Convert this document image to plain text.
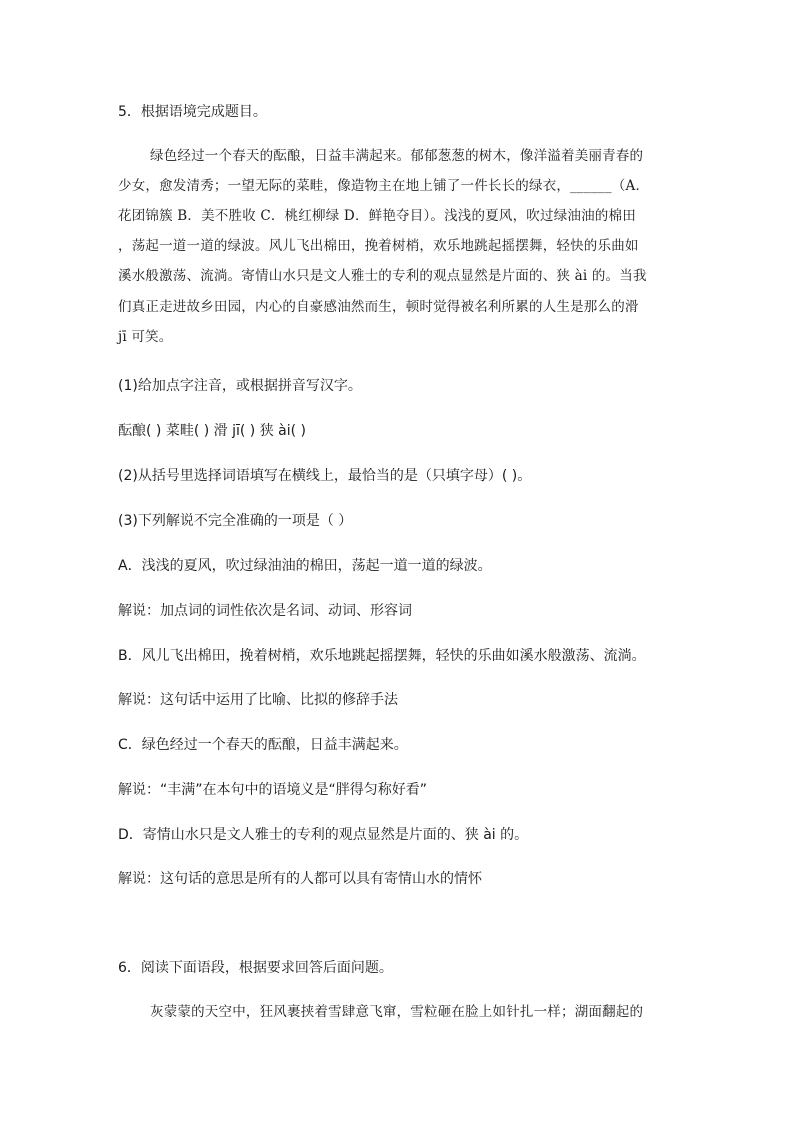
5．根据语境完成题目。
绿色经过一个春天的酝酿，日益丰满起来。郁郁葱葱的树木，像洋溢着美丽青春的
少女，愈发清秀；一望无际的菜畦，像造物主在地上铺了一件长长的绿衣，______（A．
花团锦簇 B．美不胜收 C．桃红柳绿 D．鲜艳夺目）。浅浅的夏风，吹过绿油油的棉田
，荡起一道一道的绿波。风儿飞出棉田，挽着树梢，欢乐地跳起摇摆舞，轻快的乐曲如
溪水般激荡、流淌。寄情山水只是文人雅士的专利的观点显然是片面的、狭 ài 的。当我
们真正走进故乡田园，内心的自豪感油然而生，顿时觉得被名利所累的人生是那么的滑
jī 可笑。
(1)给加点字注音，或根据拼音写汉字。
酝酿( ) 菜畦( ) 滑 jī( ) 狭 ài( )
(2)从括号里选择词语填写在横线上，最恰当的是（只填字母）( )。
(3)下列解说不完全准确的一项是（ ）
A．浅浅的夏风，吹过绿油油的棉田，荡起一道一道的绿波。
解说：加点词的词性依次是名词、动词、形容词
B．风儿飞出棉田，挽着树梢，欢乐地跳起摇摆舞，轻快的乐曲如溪水般激荡、流淌。
解说：这句话中运用了比喻、比拟的修辞手法
C．绿色经过一个春天的酝酿，日益丰满起来。
解说：“丰满”在本句中的语境义是“胖得匀称好看”
D．寄情山水只是文人雅士的专利的观点显然是片面的、狭 ài 的。
解说：这句话的意思是所有的人都可以具有寄情山水的情怀
6．阅读下面语段，根据要求回答后面问题。
灰蒙蒙的天空中，狂风裹挟着雪肆意飞窜，雪粒砸在脸上如针扎一样；湖面翻起的
